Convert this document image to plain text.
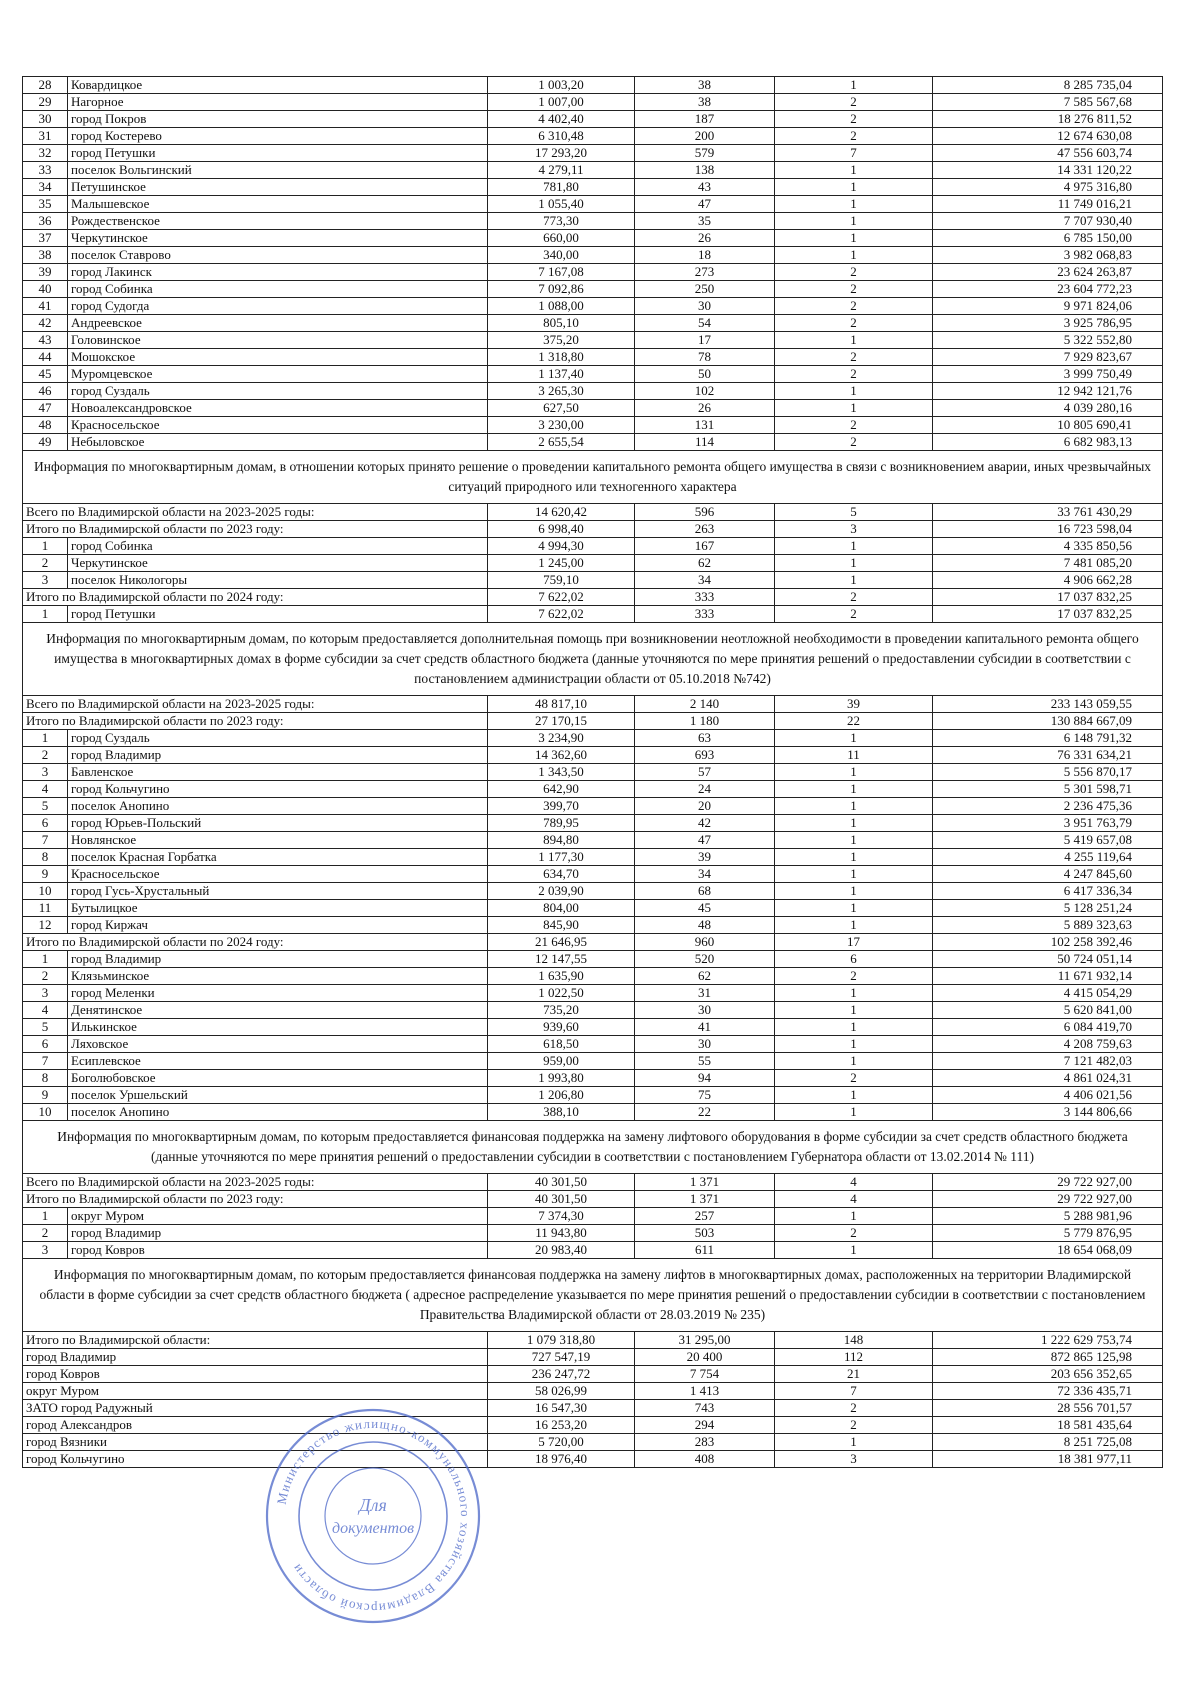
28	Ковардицкое	1 003,20	38	1	8 285 735,04
29	Нагорное	1 007,00	38	2	7 585 567,68
30	город Покров	4 402,40	187	2	18 276 811,52
31	город Костерево	6 310,48	200	2	12 674 630,08
32	город Петушки	17 293,20	579	7	47 556 603,74
33	поселок Вольгинский	4 279,11	138	1	14 331 120,22
34	Петушинское	781,80	43	1	4 975 316,80
35	Малышевское	1 055,40	47	1	11 749 016,21
36	Рождественское	773,30	35	1	7 707 930,40
37	Черкутинское	660,00	26	1	6 785 150,00
38	поселок Ставрово	340,00	18	1	3 982 068,83
39	город Лакинск	7 167,08	273	2	23 624 263,87
40	город Собинка	7 092,86	250	2	23 604 772,23
41	город Судогда	1 088,00	30	2	9 971 824,06
42	Андреевское	805,10	54	2	3 925 786,95
43	Головинское	375,20	17	1	5 322 552,80
44	Мошокское	1 318,80	78	2	7 929 823,67
45	Муромцевское	1 137,40	50	2	3 999 750,49
46	город Суздаль	3 265,30	102	1	12 942 121,76
47	Новоалександровское	627,50	26	1	4 039 280,16
48	Красносельское	3 230,00	131	2	10 805 690,41
49	Небыловское	2 655,54	114	2	6 682 983,13
Информация по многоквартирным домам, в отношении которых принято решение о проведении капитального ремонта общего имущества в связи с возникновением аварии, иных чрезвычайных ситуаций природного или техногенного характера					
Всего по Владимирской области на 2023-2025 годы:		14 620,42	596	5	33 761 430,29
Итого по Владимирской области по 2023 году:		6 998,40	263	3	16 723 598,04
1	город Собинка	4 994,30	167	1	4 335 850,56
2	Черкутинское	1 245,00	62	1	7 481 085,20
3	поселок Никологоры	759,10	34	1	4 906 662,28
Итого по Владимирской области по 2024 году:		7 622,02	333	2	17 037 832,25
1	город Петушки	7 622,02	333	2	17 037 832,25
Информация по многоквартирным домам, по которым предоставляется дополнительная помощь при возникновении неотложной необходимости в проведении капитального ремонта общего имущества в многоквартирных домах в форме субсидии за счет средств областного бюджета (данные уточняются по мере принятия решений о предоставлении субсидии в соответствии с постановлением администрации области от 05.10.2018 №742)					
Всего по Владимирской области на 2023-2025 годы:		48 817,10	2 140	39	233 143 059,55
Итого по Владимирской области по 2023 году:		27 170,15	1 180	22	130 884 667,09
1	город Суздаль	3 234,90	63	1	6 148 791,32
2	город Владимир	14 362,60	693	11	76 331 634,21
3	Бавленское	1 343,50	57	1	5 556 870,17
4	город Кольчугино	642,90	24	1	5 301 598,71
5	поселок Анопино	399,70	20	1	2 236 475,36
6	город Юрьев-Польский	789,95	42	1	3 951 763,79
7	Новлянское	894,80	47	1	5 419 657,08
8	поселок Красная Горбатка	1 177,30	39	1	4 255 119,64
9	Красносельское	634,70	34	1	4 247 845,60
10	город Гусь-Хрустальный	2 039,90	68	1	6 417 336,34
11	Бутылицкое	804,00	45	1	5 128 251,24
12	город Киржач	845,90	48	1	5 889 323,63
Итого по Владимирской области по 2024 году:		21 646,95	960	17	102 258 392,46
1	город Владимир	12 147,55	520	6	50 724 051,14
2	Клязьминское	1 635,90	62	2	11 671 932,14
3	город Меленки	1 022,50	31	1	4 415 054,29
4	Денятинское	735,20	30	1	5 620 841,00
5	Илькинское	939,60	41	1	6 084 419,70
6	Ляховское	618,50	30	1	4 208 759,63
7	Есиплевское	959,00	55	1	7 121 482,03
8	Боголюбовское	1 993,80	94	2	4 861 024,31
9	поселок Уршельский	1 206,80	75	1	4 406 021,56
10	поселок Анопино	388,10	22	1	3 144 806,66
Информация по многоквартирным домам, по которым предоставляется финансовая поддержка на замену лифтового оборудования в форме субсидии за счет средств областного бюджета (данные уточняются по мере принятия решений о предоставлении субсидии в соответствии с постановлением Губернатора области от 13.02.2014 № 111)					
Всего по Владимирской области на 2023-2025 годы:		40 301,50	1 371	4	29 722 927,00
Итого по Владимирской области по 2023 году:		40 301,50	1 371	4	29 722 927,00
1	округ Муром	7 374,30	257	1	5 288 981,96
2	город Владимир	11 943,80	503	2	5 779 876,95
3	город Ковров	20 983,40	611	1	18 654 068,09
Информация по многоквартирным домам, по которым предоставляется финансовая поддержка на замену лифтов в многоквартирных домах, расположенных на территории Владимирской области в форме субсидии за счет средств областного бюджета ( адресное распределение указывается по мере принятия решений о предоставлении субсидии в соответствии с постановлением Правительства Владимирской области от 28.03.2019 № 235)					
Итого по Владимирской области:		1 079 318,80	31 295,00	148	1 222 629 753,74
город Владимир		727 547,19	20 400	112	872 865 125,98
город Ковров		236 247,72	7 754	21	203 656 352,65
округ Муром		58 026,99	1 413	7	72 336 435,71
ЗАТО город Радужный		16 547,30	743	2	28 556 701,57
город Александров		16 253,20	294	2	18 581 435,64
город Вязники		5 720,00	283	1	8 251 725,08
город Кольчугино		18 976,40	408	3	18 381 977,11
Министерство жилищно-коммунального хозяйства Владимирской области
Для
документов
